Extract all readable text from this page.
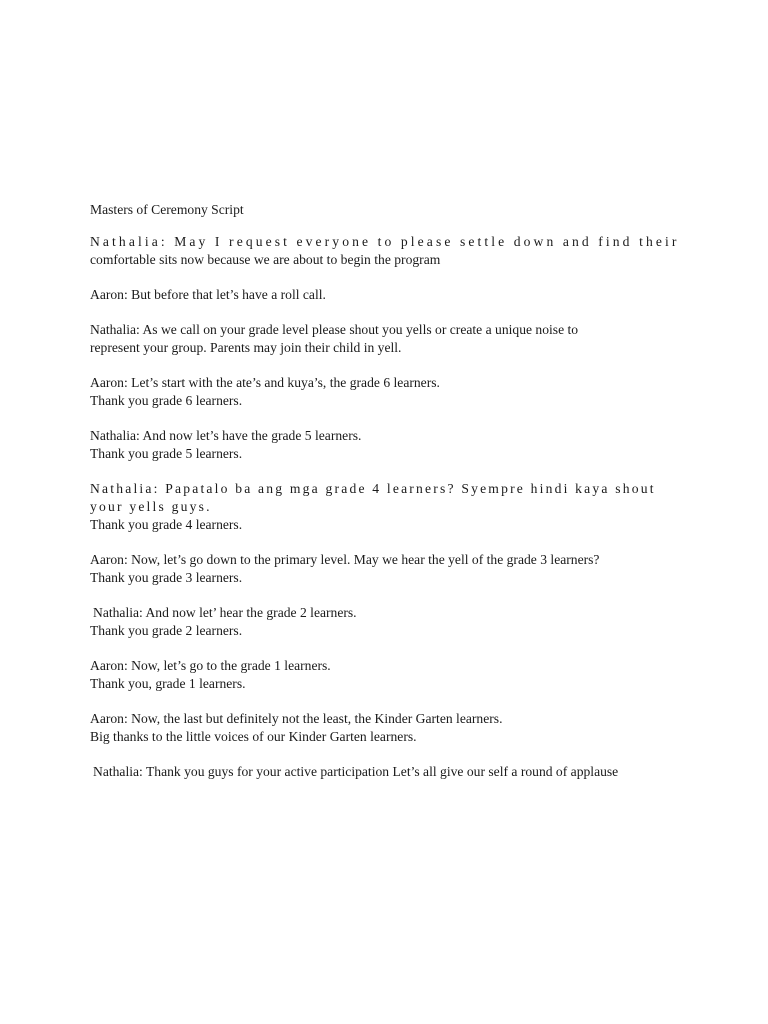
Masters of Ceremony Script
Nathalia: May I request everyone to please settle down and find their
comfortable sits now because we are about to begin the program
Aaron: But before that let’s have a roll call.
Nathalia: As we call on your grade level please shout you yells or create a unique noise to
represent your group. Parents may join their child in yell.
Aaron: Let’s start with the ate’s and kuya’s, the grade 6 learners.
Thank you grade 6 learners.
Nathalia: And now let’s have the grade 5 learners.
Thank you grade 5 learners.
Nathalia: Papatalo ba ang mga grade 4 learners? Syempre hindi kaya shout
your yells guys.
Thank you grade 4 learners.
Aaron: Now, let’s go down to the primary level. May we hear the yell of the grade 3 learners?
Thank you grade 3 learners.
Nathalia: And now let’ hear the grade 2 learners.
Thank you grade 2 learners.
Aaron: Now, let’s go to the grade 1 learners.
Thank you, grade 1 learners.
Aaron: Now, the last but definitely not the least, the Kinder Garten learners.
Big thanks to the little voices of our Kinder Garten learners.
Nathalia: Thank you guys for your active participation Let’s all give our self a round of applause
